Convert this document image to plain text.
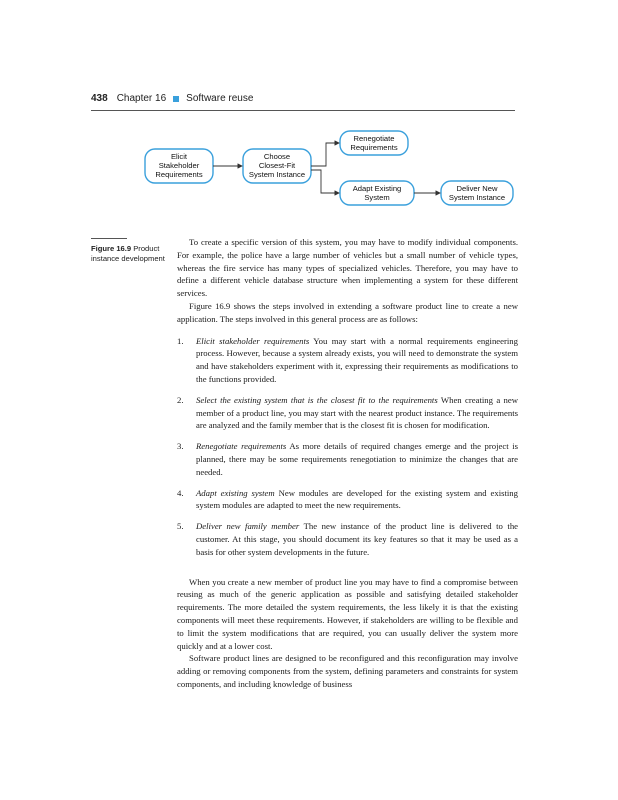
438 Chapter 16 Software reuse
Elicit
Stakeholder
Requirements
Choose
Closest-Fit
System Instance
Renegotiate
Requirements
Adapt Existing
System
Deliver New
System Instance
Figure 16.9 Product instance development

To create a specific version of this system, you may have to modify individual components. For example, the police have a large number of vehicles but a small number of vehicle types, whereas the fire service has many types of specialized vehicles. Therefore, you may have to define a different vehicle database structure when implementing a system for these different services.

Figure 16.9 shows the steps involved in extending a software product line to create a new application. The steps involved in this general process are as follows:

1. Elicit stakeholder requirements You may start with a normal requirements engineering process. However, because a system already exists, you will need to demonstrate the system and have stakeholders experiment with it, expressing their requirements as modifications to the functions provided.
2. Select the existing system that is the closest fit to the requirements When creating a new member of a product line, you may start with the nearest product instance. The requirements are analyzed and the family member that is the closest fit is chosen for modification.
3. Renegotiate requirements As more details of required changes emerge and the project is planned, there may be some requirements renegotiation to minimize the changes that are needed.
4. Adapt existing system New modules are developed for the existing system and existing system modules are adapted to meet the new requirements.
5. Deliver new family member The new instance of the product line is delivered to the customer. At this stage, you should document its key features so that it may be used as a basis for other system developments in the future.

When you create a new member of product line you may have to find a compromise between reusing as much of the generic application as possible and satisfying detailed stakeholder requirements. The more detailed the system requirements, the less likely it is that the existing components will meet these requirements. However, if stakeholders are willing to be flexible and to limit the system modifications that are required, you can usually deliver the system more quickly and at a lower cost.

Software product lines are designed to be reconfigured and this reconfiguration may involve adding or removing components from the system, defining parameters and constraints for system components, and including knowledge of business
